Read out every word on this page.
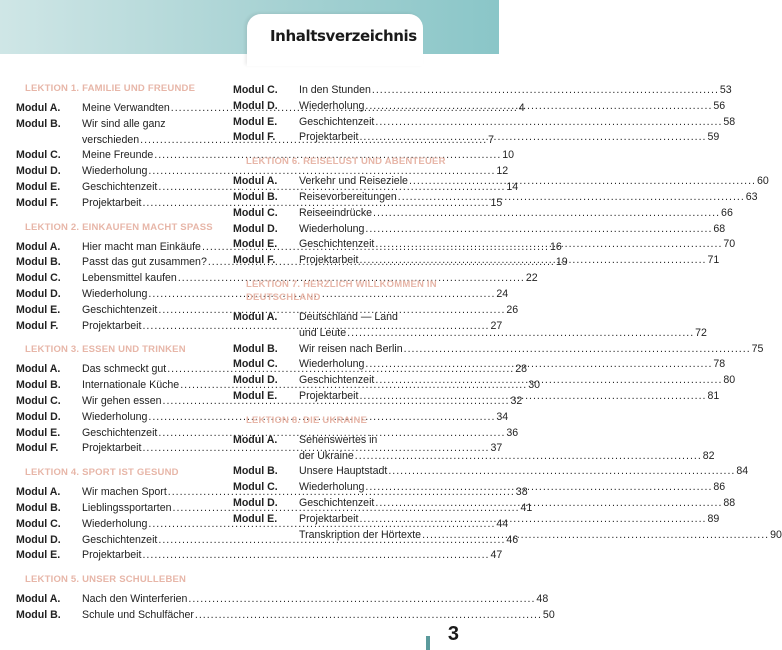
Inhaltsverzeichnis
LEKTION 1. FAMILIE UND FREUNDE
Modul A.	Meine Verwandten .....	4
Modul B.	Wir sind alle ganz
verschieden .....	7
Modul C.	Meine Freunde .....	10
Modul D.	Wiederholung .....	12
Modul E.	Geschichtenzeit .....	14
Modul F.	Projektarbeit .....	15
LEKTION 2. EINKAUFEN MACHT SPASS
Modul A.	Hier macht man Einkäufe .....	16
Modul B.	Passt das gut zusammen? .....	19
Modul C.	Lebensmittel kaufen .....	22
Modul D.	Wiederholung .....	24
Modul E.	Geschichtenzeit .....	26
Modul F.	Projektarbeit .....	27
LEKTION 3. ESSEN UND TRINKEN
Modul A.	Das schmeckt gut .....	28
Modul B.	Internationale Küche .....	30
Modul C.	Wir gehen essen .....	32
Modul D.	Wiederholung .....	34
Modul E.	Geschichtenzeit .....	36
Modul F.	Projektarbeit .....	37
LEKTION 4. SPORT IST GESUND
Modul A.	Wir machen Sport .....	38
Modul B.	Lieblingssportarten .....	41
Modul C.	Wiederholung .....	44
Modul D.	Geschichtenzeit .....	46
Modul E.	Projektarbeit .....	47
LEKTION 5. UNSER SCHULLEBEN
Modul A.	Nach den Winterferien .....	48
Modul B.	Schule und Schulfächer .....	50
Modul C.	In den Stunden .....	53
Modul D.	Wiederholung .....	56
Modul E.	Geschichtenzeit .....	58
Modul F.	Projektarbeit .....	59
LEKTION 6. REISELUST UND ABENTEUER
Modul A.	Verkehr und Reiseziele .....	60
Modul B.	Reisevorbereitungen .....	63
Modul C.	Reiseeindrücke .....	66
Modul D.	Wiederholung .....	68
Modul E.	Geschichtenzeit .....	70
Modul F.	Projektarbeit .....	71
LEKTION 7. HERZLICH WILLKOMMEN IN DEUTSCHLAND
Modul A.	Deutschland — Land
und Leute .....	72
Modul B.	Wir reisen nach Berlin .....	75
Modul C.	Wiederholung .....	78
Modul D.	Geschichtenzeit .....	80
Modul E.	Projektarbeit .....	81
LEKTION 8. DIE UKRAINE
Modul A.	Sehenswertes in
der Ukraine .....	82
Modul B.	Unsere Hauptstadt .....	84
Modul C.	Wiederholung .....	86
Modul D.	Geschichtenzeit .....	88
Modul E.	Projektarbeit .....	89
Transkription der Hörtexte .....	90
3
